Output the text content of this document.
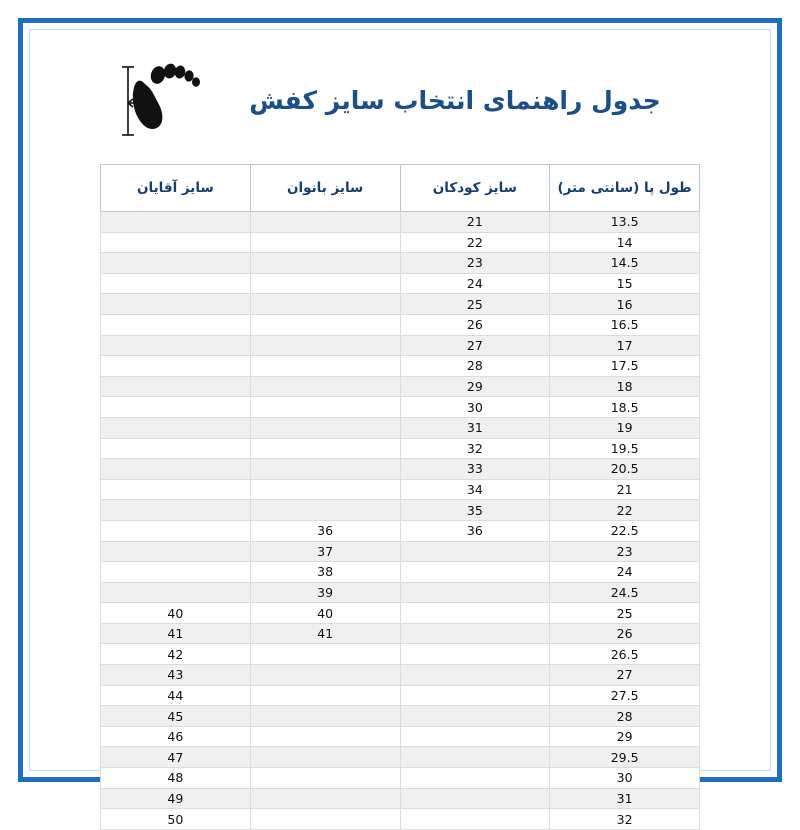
جدول راهنمای انتخاب سایز کفش
طول پا (سانتی متر)	سایز کودکان	سایز بانوان	سایز آقایان
13.5	21		
14	22		
14.5	23		
15	24		
16	25		
16.5	26		
17	27		
17.5	28		
18	29		
18.5	30		
19	31		
19.5	32		
20.5	33		
21	34		
22	35		
22.5	36	36	
23		37	
24		38	
24.5		39	
25		40	40
26		41	41
26.5			42
27			43
27.5			44
28			45
29			46
29.5			47
30			48
31			49
32			50
